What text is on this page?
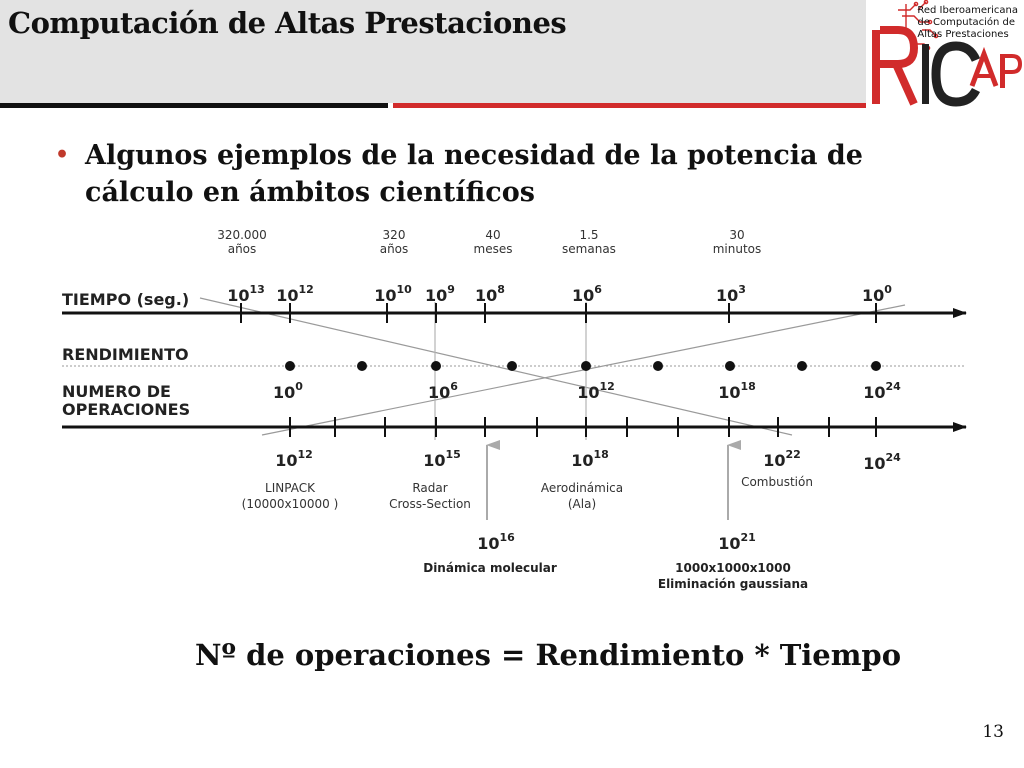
Computación de Altas Prestaciones	Red Iberoamericana
de Computación de
Altas Prestaciones
• Algunos ejemplos de la necesidad de la potencia de cálculo en ámbitos científicos
320.000
años
320
años
40
meses
1.5
semanas
30
minutos
TIEMPO (seg.)
RENDIMIENTO
NUMERO DE
OPERACIONES
$10^{13}$ $10^{12}$	$10^{10}$ $10^9$ $10^8$	$10^6$	$10^3$	$10^0$
$10^0$	$10^6$	$10^{12}$	$10^{18}$	$10^{24}$
$10^{12}$	$10^{15}$	$10^{18}$	$10^{22}$	$10^{24}$
LINPACK
(10000x10000 )
Radar
Cross-Section
Aerodinámica
(Ala)
Combustión
$10^{16}$	$10^{21}$
Dinámica molecular	1000x1000x1000
Eliminación gaussiana
Nº de operaciones = Rendimiento * Tiempo
13
